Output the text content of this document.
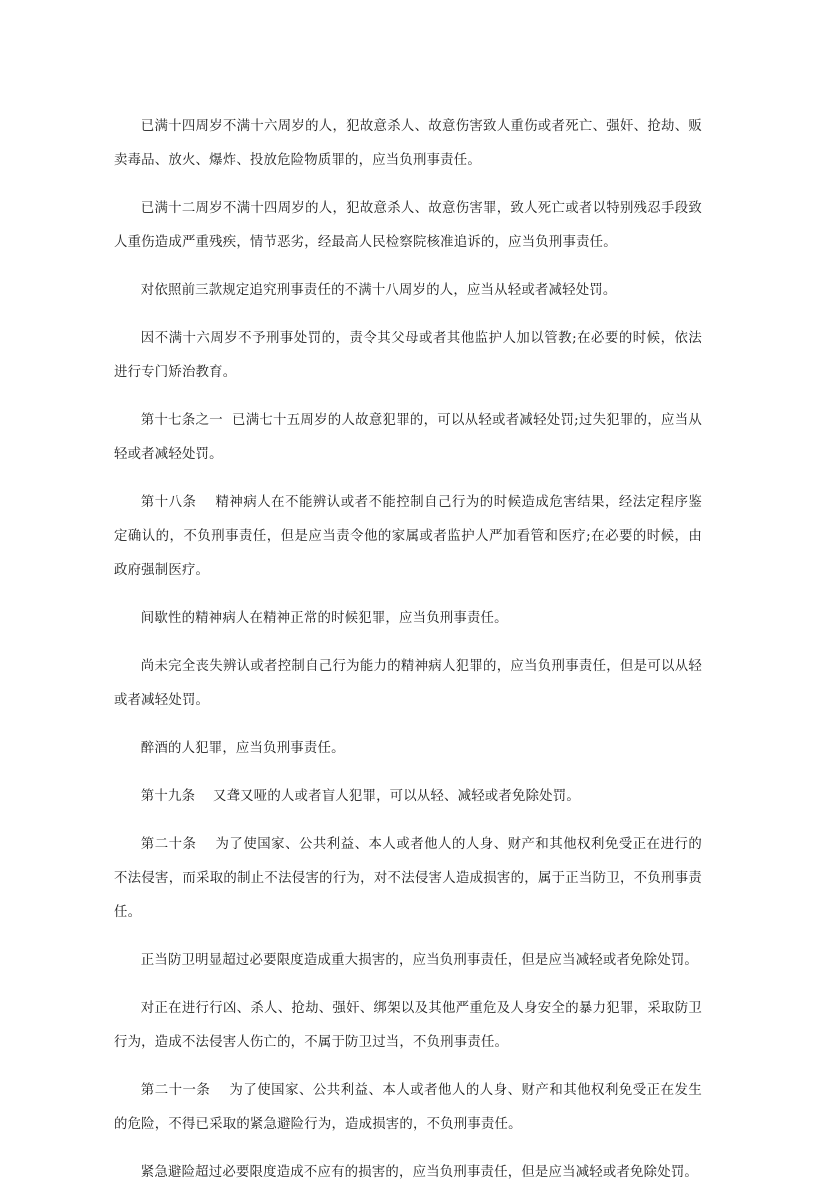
已满十四周岁不满十六周岁的人，犯故意杀人、故意伤害致人重伤或者死亡、强奸、抢劫、贩卖毒品、放火、爆炸、投放危险物质罪的，应当负刑事责任。

已满十二周岁不满十四周岁的人，犯故意杀人、故意伤害罪，致人死亡或者以特别残忍手段致人重伤造成严重残疾，情节恶劣，经最高人民检察院核准追诉的，应当负刑事责任。

对依照前三款规定追究刑事责任的不满十八周岁的人，应当从轻或者减轻处罚。

因不满十六周岁不予刑事处罚的，责令其父母或者其他监护人加以管教;在必要的时候，依法进行专门矫治教育。

第十七条之一  已满七十五周岁的人故意犯罪的，可以从轻或者减轻处罚;过失犯罪的，应当从轻或者减轻处罚。

第十八条    精神病人在不能辨认或者不能控制自己行为的时候造成危害结果，经法定程序鉴定确认的，不负刑事责任，但是应当责令他的家属或者监护人严加看管和医疗;在必要的时候，由政府强制医疗。

间歇性的精神病人在精神正常的时候犯罪，应当负刑事责任。

尚未完全丧失辨认或者控制自己行为能力的精神病人犯罪的，应当负刑事责任，但是可以从轻或者减轻处罚。

醉酒的人犯罪，应当负刑事责任。

第十九条    又聋又哑的人或者盲人犯罪，可以从轻、减轻或者免除处罚。

第二十条    为了使国家、公共利益、本人或者他人的人身、财产和其他权利免受正在进行的不法侵害，而采取的制止不法侵害的行为，对不法侵害人造成损害的，属于正当防卫，不负刑事责任。

正当防卫明显超过必要限度造成重大损害的，应当负刑事责任，但是应当减轻或者免除处罚。

对正在进行行凶、杀人、抢劫、强奸、绑架以及其他严重危及人身安全的暴力犯罪，采取防卫行为，造成不法侵害人伤亡的，不属于防卫过当，不负刑事责任。

第二十一条    为了使国家、公共利益、本人或者他人的人身、财产和其他权利免受正在发生的危险，不得已采取的紧急避险行为，造成损害的，不负刑事责任。

紧急避险超过必要限度造成不应有的损害的，应当负刑事责任，但是应当减轻或者免除处罚。
